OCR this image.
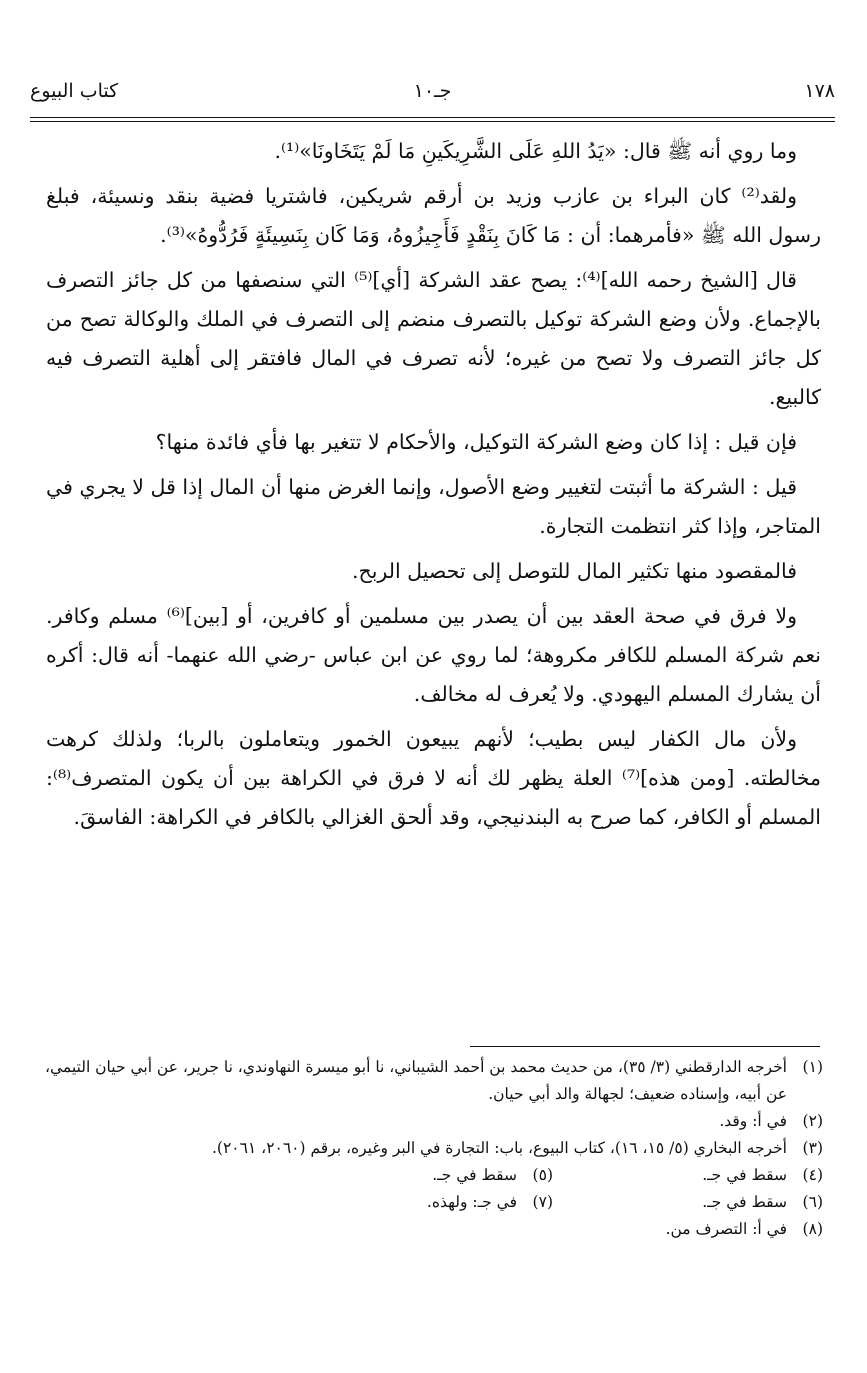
١٧٨
جـ١٠
كتاب البيوع

وما روي أنه ﷺ قال: «يَدُ اللهِ عَلَى الشَّرِيكَينِ مَا لَمْ يَتَخَاونَا»⁽¹⁾.

ولقد⁽²⁾ كان البراء بن عازب وزيد بن أرقم شريكين، فاشتريا فضية بنقد ونسيئة، فبلغ رسول الله ﷺ «فأمرهما: أن : مَا كَانَ بِنَقْدٍ فَأَجِيزُوهُ، وَمَا كَان بِنَسِيئَةٍ فَرُدُّوهُ»⁽³⁾.

قال [الشيخ رحمه الله]⁽⁴⁾: يصح عقد الشركة [أي]⁽⁵⁾ التي سنصفها من كل جائز التصرف بالإجماع. ولأن وضع الشركة توكيل بالتصرف منضم إلى التصرف في الملك والوكالة تصح من كل جائز التصرف ولا تصح من غيره؛ لأنه تصرف في المال فافتقر إلى أهلية التصرف فيه كالبيع.

فإن قيل : إذا كان وضع الشركة التوكيل، والأحكام لا تتغير بها فأي فائدة منها؟

قيل : الشركة ما أثبتت لتغيير وضع الأصول، وإنما الغرض منها أن المال إذا قل لا يجري في المتاجر، وإذا كثر انتظمت التجارة.

فالمقصود منها تكثير المال للتوصل إلى تحصيل الربح.

ولا فرق في صحة العقد بين أن يصدر بين مسلمين أو كافرين، أو [بين]⁽⁶⁾ مسلم وكافر. نعم شركة المسلم للكافر مكروهة؛ لما روي عن ابن عباس -رضي الله عنهما- أنه قال: أكره أن يشارك المسلم اليهودي. ولا يُعرف له مخالف.

ولأن مال الكفار ليس بطيب؛ لأنهم يبيعون الخمور ويتعاملون بالربا؛ ولذلك كرهت مخالطته. [ومن هذه]⁽⁷⁾ العلة يظهر لك أنه لا فرق في الكراهة بين أن يكون المتصرف⁽⁸⁾: المسلم أو الكافر، كما صرح به البندنيجي، وقد ألحق الغزالي بالكافر في الكراهة: الفاسقَ.

(١)
أخرجه الدارقطني (٣/ ٣٥)، من حديث محمد بن أحمد الشيباني، نا أبو ميسرة النهاوندي، نا جرير، عن أبي حيان التيمي، عن أبيه، وإسناده ضعيف؛ لجهالة والد أبي حيان.
(٢)
في أ: وقد.
(٣)
أخرجه البخاري (٥/ ١٥، ١٦)، كتاب البيوع، باب: التجارة في البر وغيره، برقم (٢٠٦٠، ٢٠٦١).
(٤)
سقط في جـ.
(٥)
سقط في جـ.
(٦)
سقط في جـ.
(٧)
في جـ: ولهذه.
(٨)
في أ: التصرف من.
